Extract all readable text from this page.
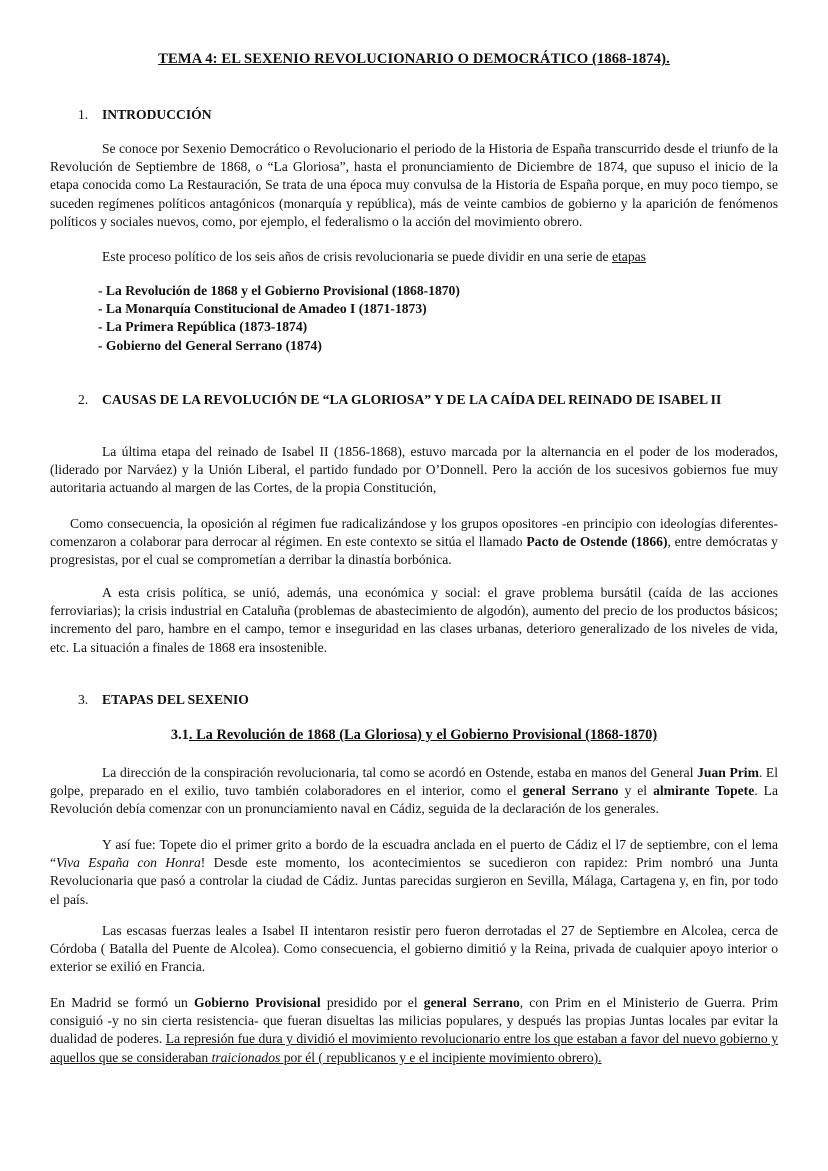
TEMA 4: EL SEXENIO REVOLUCIONARIO O DEMOCRÁTICO (1868-1874).
1. INTRODUCCIÓN
Se conoce por Sexenio Democrático o Revolucionario el periodo de la Historia de España transcurrido desde el triunfo de la Revolución de Septiembre de 1868, o “La Gloriosa”, hasta el pronunciamiento de Diciembre de 1874, que supuso el inicio de la etapa conocida como La Restauración, Se trata de una época muy convulsa de la Historia de España porque, en muy poco tiempo, se suceden regímenes políticos antagónicos (monarquía y república), más de veinte cambios de gobierno y la aparición de fenómenos políticos y sociales nuevos, como, por ejemplo, el federalismo o la acción del movimiento obrero.
Este proceso político de los seis años de crisis revolucionaria se puede dividir en una serie de etapas
- La Revolución de 1868 y el Gobierno Provisional (1868-1870)
- La Monarquía Constitucional de Amadeo I (1871-1873)
- La Primera República (1873-1874)
- Gobierno del General Serrano (1874)
2.	CAUSAS DE LA REVOLUCIÓN DE “LA GLORIOSA” Y DE LA CAÍDA DEL REINADO DE ISABEL II
La última etapa del reinado de Isabel II (1856-1868), estuvo marcada por la alternancia en el poder de los moderados, (liderado por Narváez) y la Unión Liberal, el partido fundado por O’Donnell. Pero la acción de los sucesivos gobiernos fue muy autoritaria actuando al margen de las Cortes, de la propia Constitución,
Como consecuencia, la oposición al régimen fue radicalizándose y los grupos opositores -en principio con ideologías diferentes- comenzaron a colaborar para derrocar al régimen. En este contexto se sitúa el llamado Pacto de Ostende (1866), entre demócratas y progresistas, por el cual se comprometían a derribar la dinastía borbónica.
A esta crisis política, se unió, además, una económica y social: el grave problema bursátil (caída de las acciones ferroviarias); la crisis industrial en Cataluña (problemas de abastecimiento de algodón), aumento del precio de los productos básicos; incremento del paro, hambre en el campo, temor e inseguridad en las clases urbanas, deterioro generalizado de los niveles de vida, etc. La situación a finales de 1868 era insostenible.
3. ETAPAS DEL SEXENIO
3.1. La Revolución de 1868 (La Gloriosa) y el Gobierno Provisional (1868-1870)
La dirección de la conspiración revolucionaria, tal como se acordó en Ostende, estaba en manos del General Juan Prim. El golpe, preparado en el exilio, tuvo también colaboradores en el interior, como el general Serrano y el almirante Topete. La Revolución debía comenzar con un pronunciamiento naval en Cádiz, seguida de la declaración de los generales.
Y así fue: Topete dio el primer grito a bordo de la escuadra anclada en el puerto de Cádiz el l7 de septiembre, con el lema “Viva España con Honra! Desde este momento, los acontecimientos se sucedieron con rapidez: Prim nombró una Junta Revolucionaria que pasó a controlar la ciudad de Cádiz. Juntas parecidas surgieron en Sevilla, Málaga, Cartagena y, en fin, por todo el país.
Las escasas fuerzas leales a Isabel II intentaron resistir pero fueron derrotadas el 27 de Septiembre en Alcolea, cerca de Córdoba ( Batalla del Puente de Alcolea). Como consecuencia, el gobierno dimitió y la Reina, privada de cualquier apoyo interior o exterior se exilió en Francia.
En Madrid se formó un Gobierno Provisional presidido por el general Serrano, con Prim en el Ministerio de Guerra. Prim consiguió -y no sin cierta resistencia- que fueran disueltas las milicias populares, y después las propias Juntas locales par evitar la dualidad de poderes. La represión fue dura y dividió el movimiento revolucionario entre los que estaban a favor del nuevo gobierno y aquellos que se consideraban traicionados por él ( republicanos y e el incipiente movimiento obrero).
